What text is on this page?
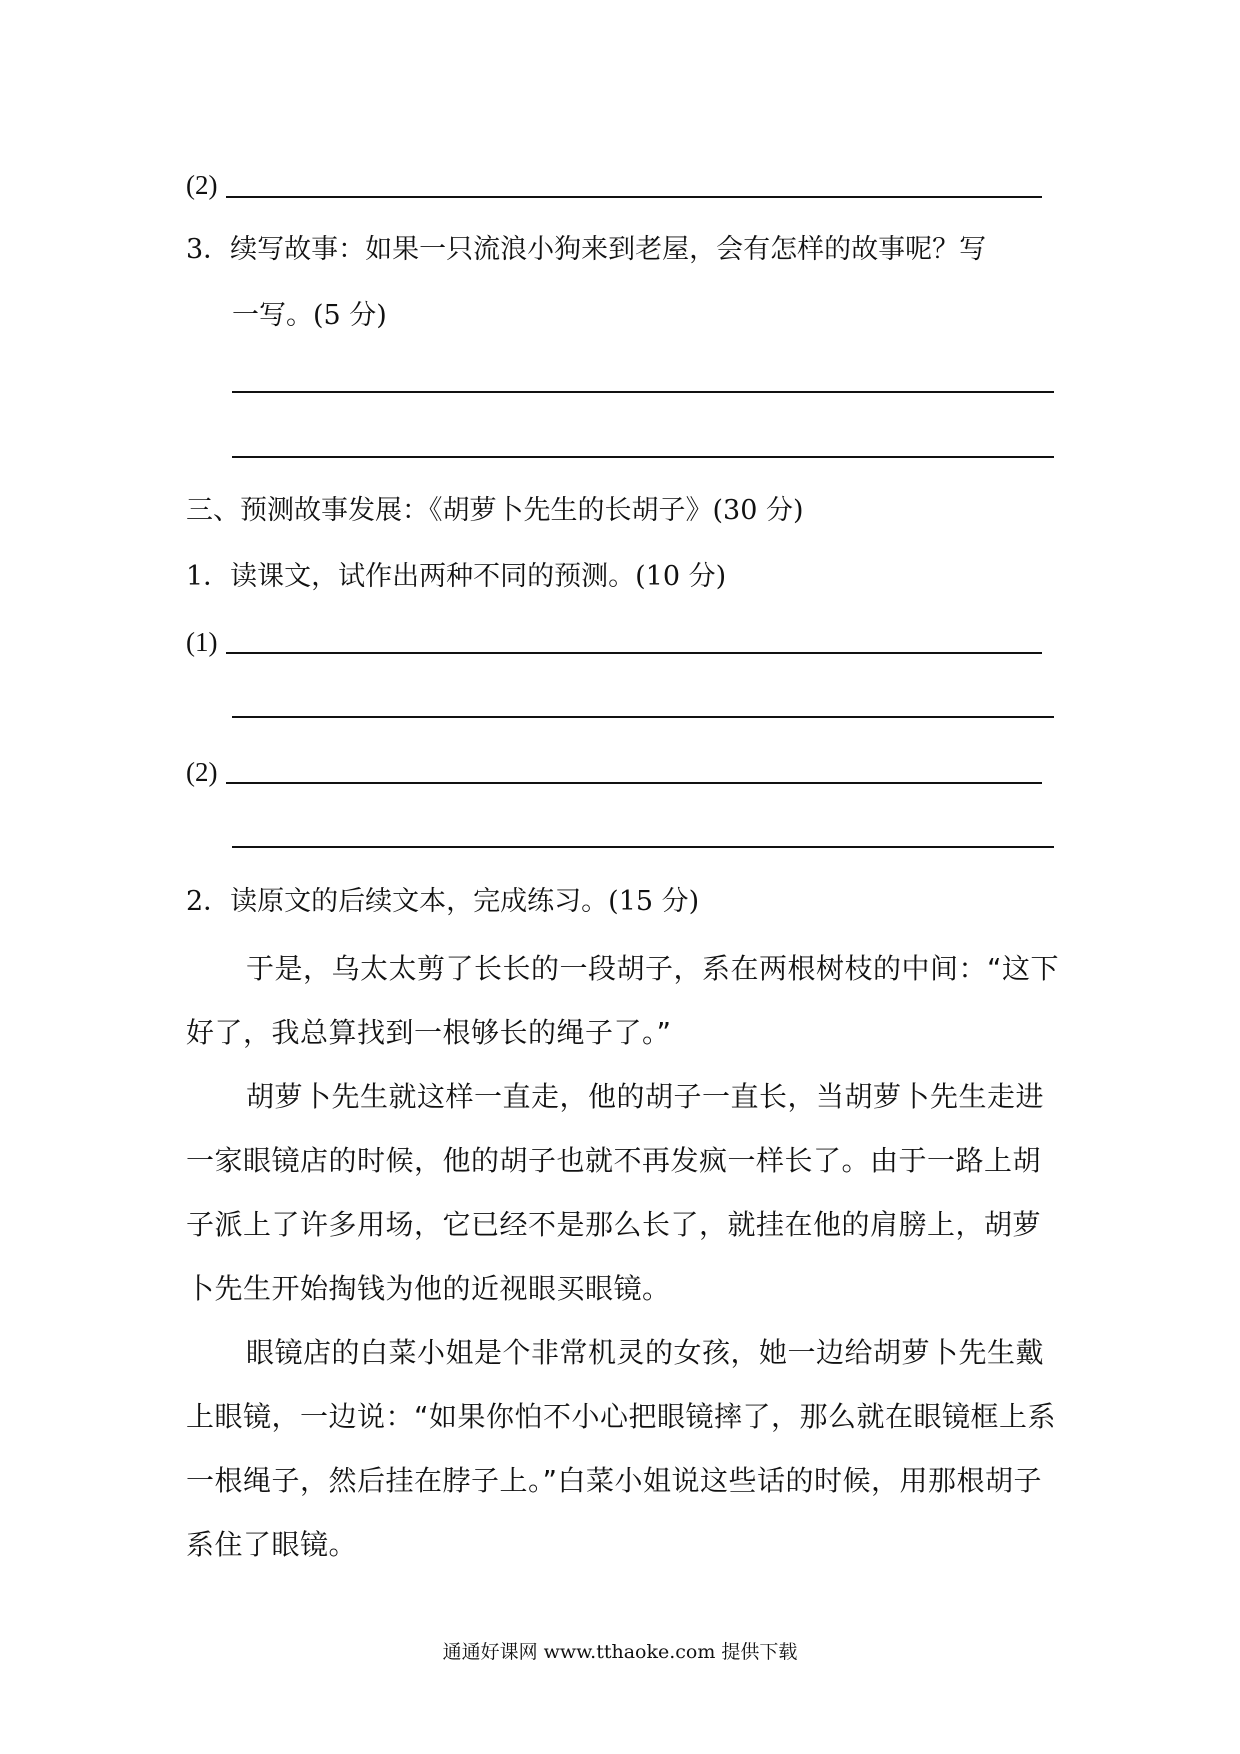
(2)
3．续写故事：如果一只流浪小狗来到老屋，会有怎样的故事呢？写
一写。(5 分)
三、预测故事发展：《胡萝卜先生的长胡子》(30 分)
1．读课文，试作出两种不同的预测。(10 分)
(1)
(2)
2．读原文的后续文本，完成练习。(15 分)
于是，乌太太剪了长长的一段胡子，系在两根树枝的中间：“这下好了，我总算找到一根够长的绳子了。”
胡萝卜先生就这样一直走，他的胡子一直长，当胡萝卜先生走进一家眼镜店的时候，他的胡子也就不再发疯一样长了。由于一路上胡子派上了许多用场，它已经不是那么长了，就挂在他的肩膀上，胡萝卜先生开始掏钱为他的近视眼买眼镜。
眼镜店的白菜小姐是个非常机灵的女孩，她一边给胡萝卜先生戴上眼镜，一边说：“如果你怕不小心把眼镜摔了，那么就在眼镜框上系一根绳子，然后挂在脖子上。”白菜小姐说这些话的时候，用那根胡子系住了眼镜。
通通好课网 www.tthaoke.com 提供下载
